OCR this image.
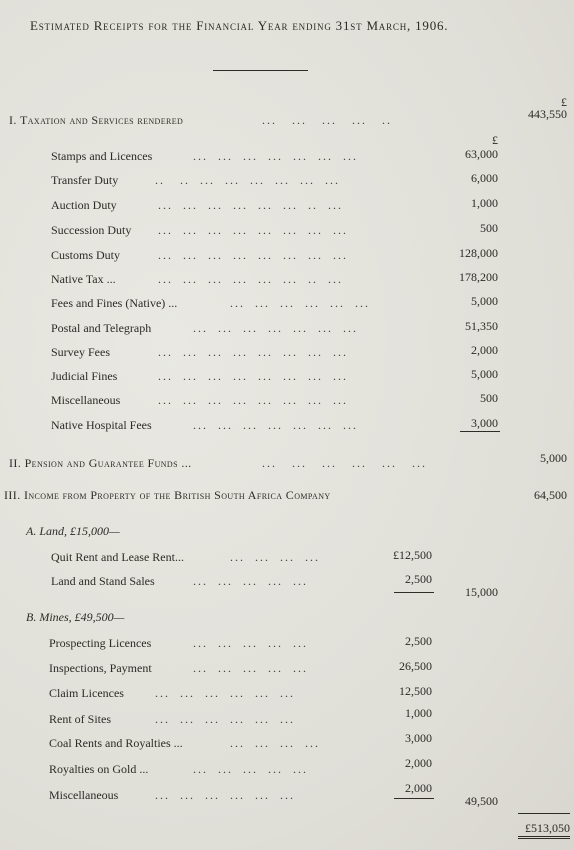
Estimated Receipts for the Financial Year ending 31st March, 1906.
I. Taxation and Services rendered	...   ...   ...   ...   ..
£
443,550
£
Stamps and Licences	...  ...  ...  ...  ...  ...  ...	63,000
Transfer Duty	..   ..  ...  ...  ...  ...  ...  ...	6,000
Auction Duty	...  ...  ...  ...  ...  ...  ..  ...	1,000
Succession Duty ...  ...  ...  ...  ...  ...  ...  ...	500
Customs Duty	...  ...  ...  ...  ...  ...  ...  ...	128,000
Native Tax ...	...  ...  ...  ...  ...  ...  ..  ...	178,200
Fees and Fines (Native) ...	...  ...  ...  ...  ...  ...	5,000
Postal and Telegraph	...  ...  ...  ...  ...  ...  ...	51,350
Survey Fees	...  ...  ...  ...  ...  ...  ...  ...	2,000
Judicial Fines	...  ...  ...  ...  ...  ...  ...  ...	5,000
Miscellaneous	...  ...  ...  ...  ...  ...  ...  ...	500
Native Hospital Fees	...  ...  ...  ...  ...  ...  ...	3,000
II. Pension and Guarantee Funds ...	...   ...   ...   ...   ...   ...	5,000
III. Income from Property of the British South Africa Company	64,500
A. Land, £15,000—
Quit Rent and Lease Rent...	...  ...  ...  ...	£12,500
Land and Stand Sales	...  ...  ...  ...  ...	2,500
15,000
B. Mines, £49,500—
Prospecting Licences	...  ...  ...  ...  ...	2,500
Inspections, Payment	...  ...  ...  ...  ...	26,500
Claim Licences	...  ...  ...  ...  ...  ...	12,500
Rent of Sites	...  ...  ...  ...  ...  ...	1,000
Coal Rents and Royalties ...	...  ...  ...  ...	3,000
Royalties on Gold ...	...  ...  ...  ...  ...	2,000
Miscellaneous	...  ...  ...  ...  ...  ...	2,000
49,500
£513,050
